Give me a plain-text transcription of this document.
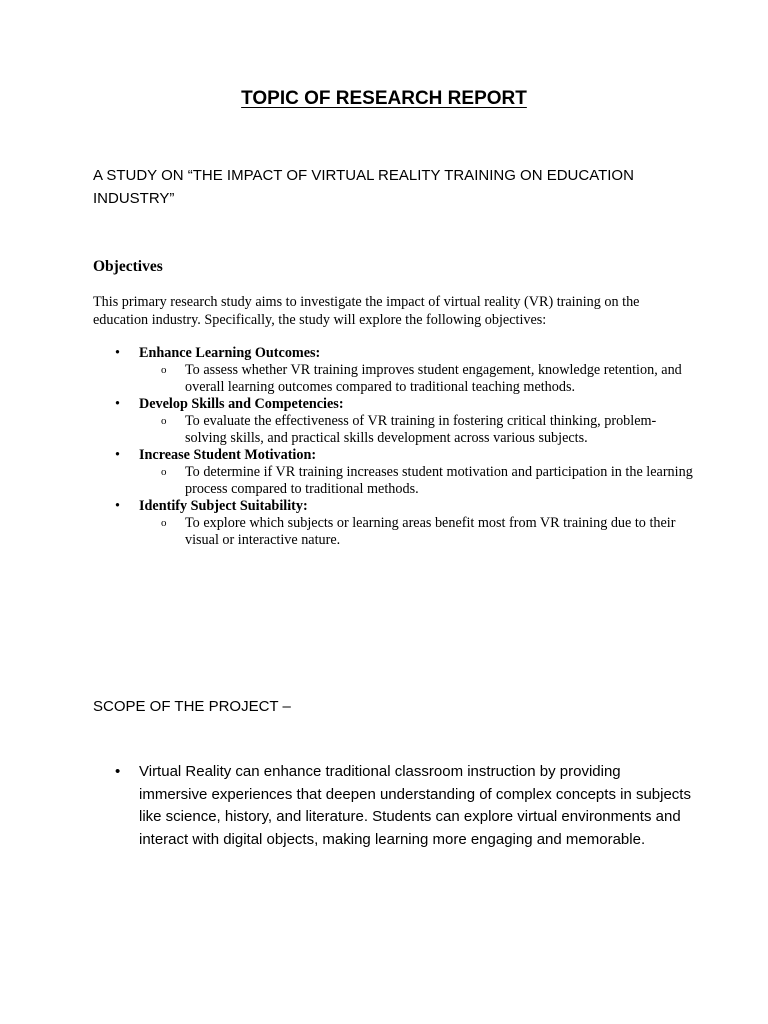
TOPIC OF RESEARCH REPORT

A STUDY ON “THE IMPACT OF VIRTUAL REALITY TRAINING ON EDUCATION INDUSTRY”

Objectives

This primary research study aims to investigate the impact of virtual reality (VR) training on the education industry. Specifically, the study will explore the following objectives:

• Enhance Learning Outcomes:
o To assess whether VR training improves student engagement, knowledge retention, and overall learning outcomes compared to traditional teaching methods.
• Develop Skills and Competencies:
o To evaluate the effectiveness of VR training in fostering critical thinking, problem-solving skills, and practical skills development across various subjects.
• Increase Student Motivation:
o To determine if VR training increases student motivation and participation in the learning process compared to traditional methods.
• Identify Subject Suitability:
o To explore which subjects or learning areas benefit most from VR training due to their visual or interactive nature.

SCOPE OF THE PROJECT –

• Virtual Reality can enhance traditional classroom instruction by providing immersive experiences that deepen understanding of complex concepts in subjects like science, history, and literature. Students can explore virtual environments and interact with digital objects, making learning more engaging and memorable.
